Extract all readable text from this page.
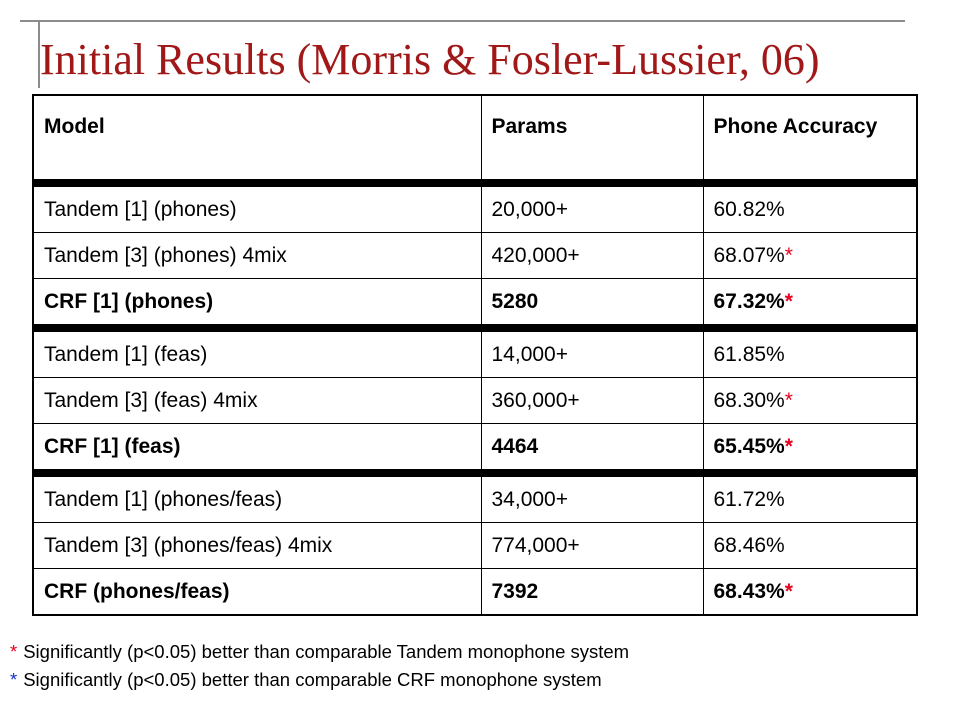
Initial Results (Morris & Fosler-Lussier, 06)
Model	Params	Phone Accuracy
Tandem [1] (phones)	20,000+	60.82%
Tandem [3] (phones) 4mix	420,000+	68.07%*
CRF [1] (phones)	5280	67.32%*
Tandem [1] (feas)	14,000+	61.85%
Tandem [3] (feas) 4mix	360,000+	68.30%*
CRF [1] (feas)	4464	65.45%*
Tandem [1] (phones/feas)	34,000+	61.72%
Tandem [3] (phones/feas) 4mix	774,000+	68.46%
CRF (phones/feas)	7392	68.43%*
* Significantly (p<0.05) better than comparable Tandem monophone system
* Significantly (p<0.05) better than comparable CRF monophone system
